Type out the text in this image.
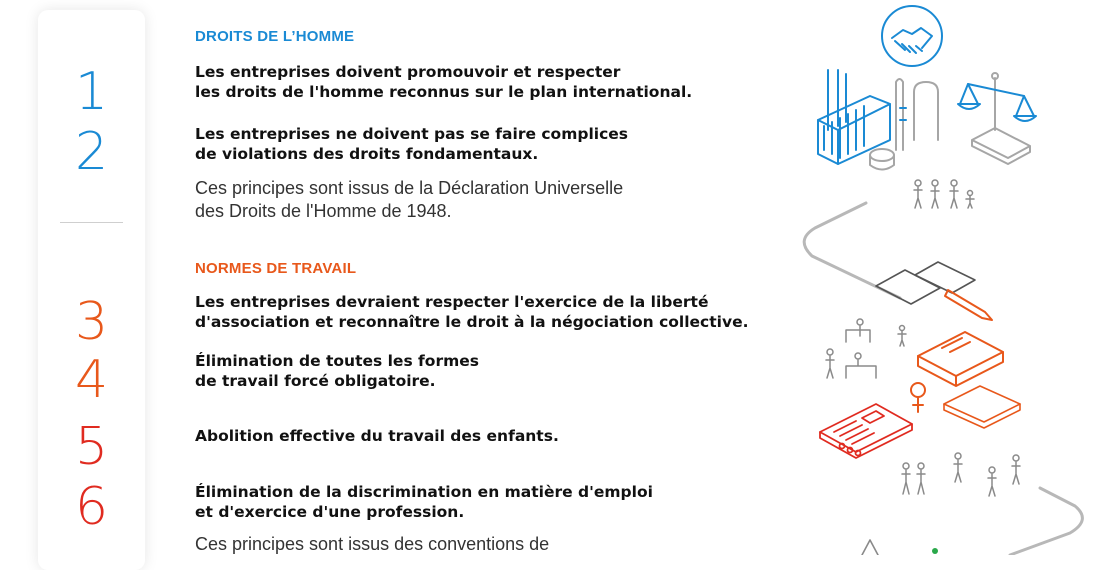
1
2
3
4
5
6
DROITS DE L’HOMME
Les entreprises doivent promouvoir et respecter
les droits de l'homme reconnus sur le plan international.
Les entreprises ne doivent pas se faire complices
de violations des droits fondamentaux.
Ces principes sont issus de la Déclaration Universelle
des Droits de l'Homme de 1948.
NORMES DE TRAVAIL
Les entreprises devraient respecter l'exercice de la liberté
d'association et reconnaître le droit à la négociation collective.
Élimination de toutes les formes
de travail forcé obligatoire.
Abolition effective du travail des enfants.
Élimination de la discrimination en matière d'emploi
et d'exercice d'une profession.
Ces principes sont issus des conventions de
